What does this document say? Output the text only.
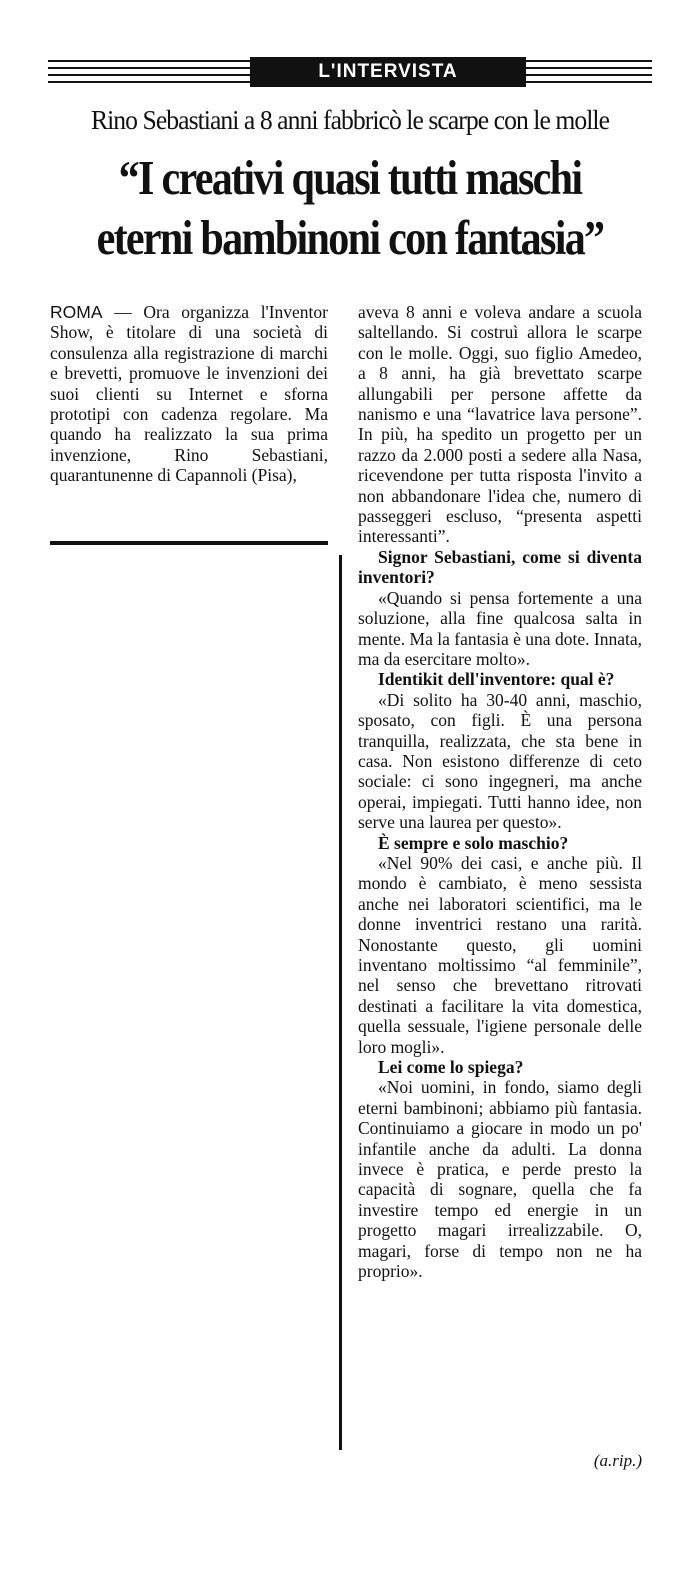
L'INTERVISTA
Rino Sebastiani a 8 anni fabbricò le scarpe con le molle
“I creativi quasi tutti maschi
eterni bambinoni con fantasia”

ROMA — Ora organizza l'Inventor Show, è titolare di una società di consulenza alla registrazione di marchi e brevetti, promuove le invenzioni dei suoi clienti su Internet e sforna prototipi con cadenza regolare. Ma quando ha realizzato la sua prima invenzione, Rino Sebastiani, quarantunenne di Capannoli (Pisa),

aveva 8 anni e voleva andare a scuola saltellando. Si costruì allora le scarpe con le molle. Oggi, suo figlio Amedeo, a 8 anni, ha già brevettato scarpe allungabili per persone affette da nanismo e una “lavatrice lava persone”. In più, ha spedito un progetto per un razzo da 2.000 posti a sedere alla Nasa, ricevendone per tutta risposta l'invito a non abbandonare l'idea che, numero di passeggeri escluso, “presenta aspetti interessanti”.

Signor Sebastiani, come si diventa inventori?

«Quando si pensa fortemente a una soluzione, alla fine qualcosa salta in mente. Ma la fantasia è una dote. Innata, ma da esercitare molto».

Identikit dell'inventore: qual è?

«Di solito ha 30-40 anni, maschio, sposato, con figli. È una persona tranquilla, realizzata, che sta bene in casa. Non esistono differenze di ceto sociale: ci sono ingegneri, ma anche operai, impiegati. Tutti hanno idee, non serve una laurea per questo».

È sempre e solo maschio?

«Nel 90% dei casi, e anche più. Il mondo è cambiato, è meno sessista anche nei laboratori scientifici, ma le donne inventrici restano una rarità. Nonostante questo, gli uomini inventano moltissimo “al femminile”, nel senso che brevettano ritrovati destinati a facilitare la vita domestica, quella sessuale, l'igiene personale delle loro mogli».

Lei come lo spiega?

«Noi uomini, in fondo, siamo degli eterni bambinoni; abbiamo più fantasia. Continuiamo a giocare in modo un po' infantile anche da adulti. La donna invece è pratica, e perde presto la capacità di sognare, quella che fa investire tempo ed energie in un progetto magari irrealizzabile. O, magari, forse di tempo non ne ha proprio».

(a.rip.)
